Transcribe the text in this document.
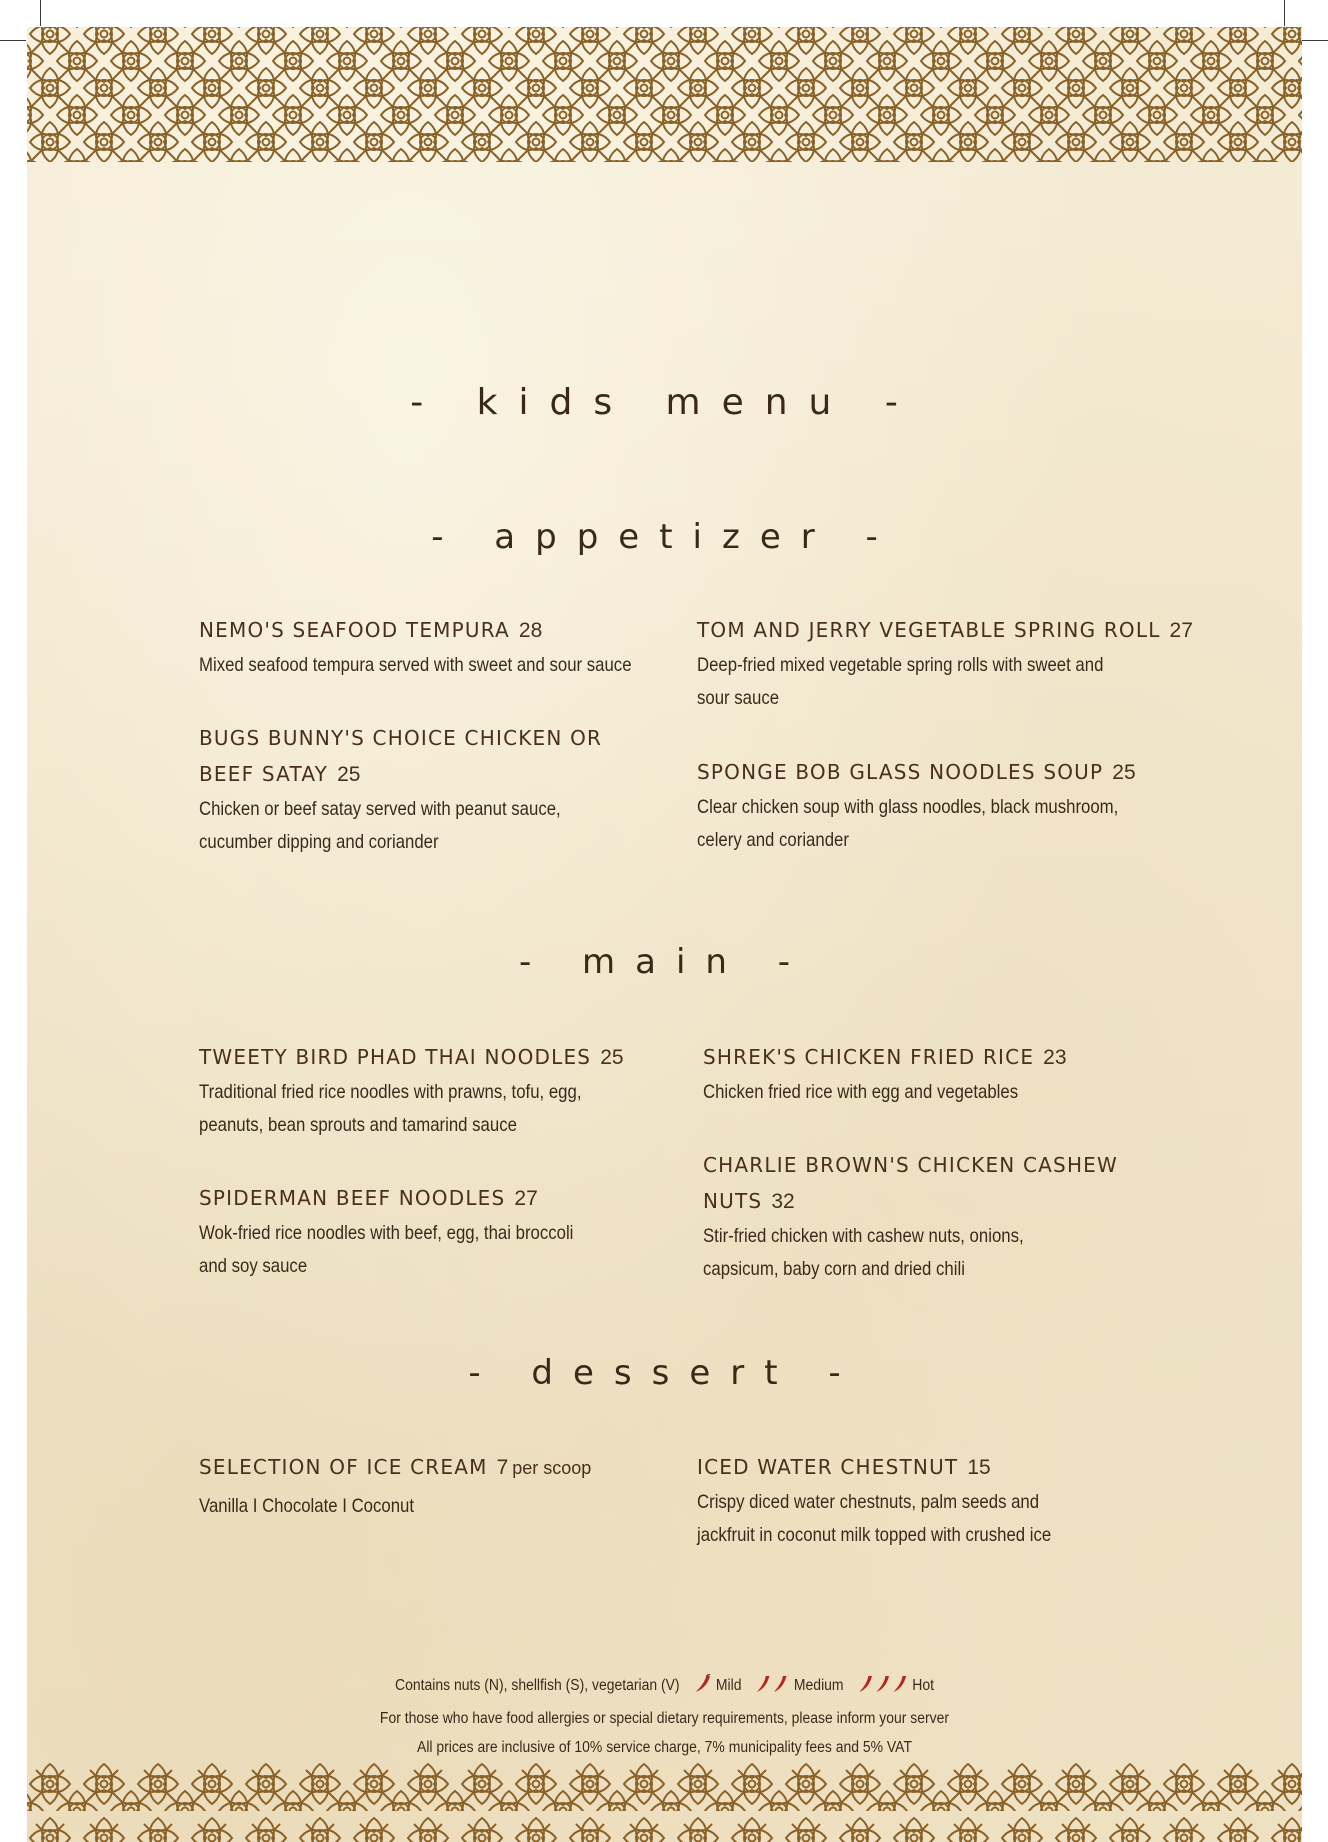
- kids menu -
- appetizer -
NEMO'S SEAFOOD TEMPURA 28
Mixed seafood tempura served with sweet and sour sauce
TOM AND JERRY VEGETABLE SPRING ROLL 27
Deep-fried mixed vegetable spring rolls with sweet and
sour sauce
BUGS BUNNY'S CHOICE CHICKEN OR
BEEF SATAY 25
Chicken or beef satay served with peanut sauce,
cucumber dipping and coriander
SPONGE BOB GLASS NOODLES SOUP 25
Clear chicken soup with glass noodles, black mushroom,
celery and coriander
- main -
TWEETY BIRD PHAD THAI NOODLES 25
Traditional fried rice noodles with prawns, tofu, egg,
peanuts, bean sprouts and tamarind sauce
SHREK'S CHICKEN FRIED RICE 23
Chicken fried rice with egg and vegetables
SPIDERMAN BEEF NOODLES 27
Wok-fried rice noodles with beef, egg, thai broccoli
and soy sauce
CHARLIE BROWN'S CHICKEN CASHEW
NUTS 32
Stir-fried chicken with cashew nuts, onions,
capsicum, baby corn and dried chili
- dessert -
SELECTION OF ICE CREAM 7 per scoop
Vanilla I Chocolate I Coconut
ICED WATER CHESTNUT 15
Crispy diced water chestnuts, palm seeds and
jackfruit in coconut milk topped with crushed ice
Contains nuts (N), shellfish (S), vegetarian (V) Mild	Medium	Hot
For those who have food allergies or special dietary requirements, please inform your server
All prices are inclusive of 10% service charge, 7% municipality fees and 5% VAT
